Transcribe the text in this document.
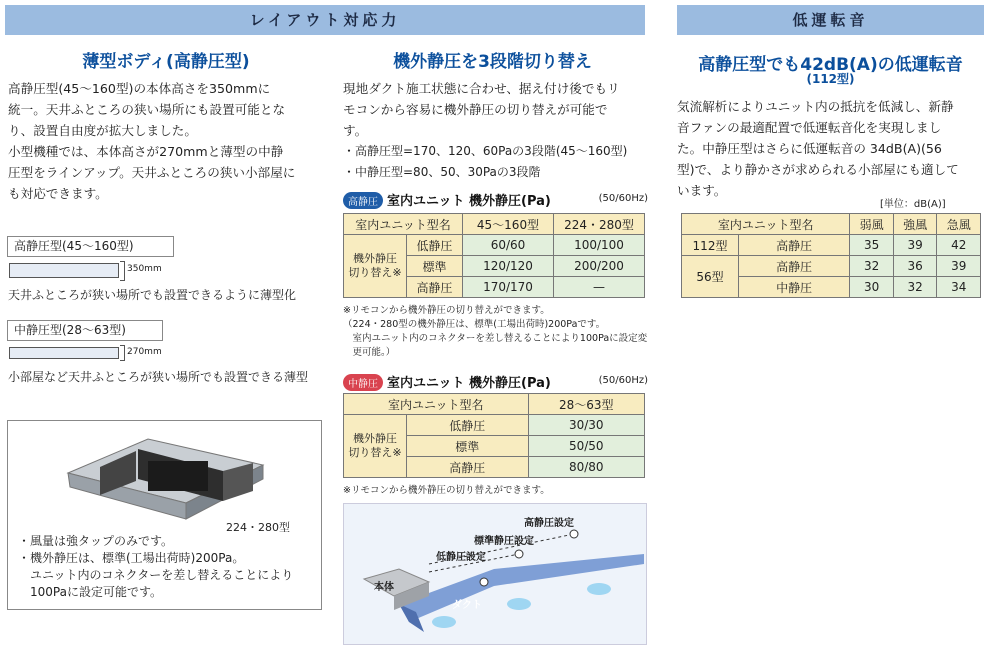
レイアウト対応力	低運転音
薄型ボディ(高静圧型)
高静圧型(45〜160型)の本体高さを350mmに
統一。天井ふところの狭い場所にも設置可能とな
り、設置自由度が拡大しました。
小型機種では、本体高さが270mmと薄型の中静
圧型をラインアップ。天井ふところの狭い小部屋に
も対応できます。
高静圧型(45〜160型)
350mm
天井ふところが狭い場所でも設置できるように薄型化
中静圧型(28〜63型)
270mm
小部屋など天井ふところが狭い場所でも設置できる薄型
224・280型
・風量は強タップのみです。
・機外静圧は、標準(工場出荷時)200Pa。
　ユニット内のコネクターを差し替えることにより
　100Paに設定可能です。
機外静圧を3段階切り替え
現地ダクト施工状態に合わせ、据え付け後でもリ
モコンから容易に機外静圧の切り替えが可能で
す。
・高静圧型=170、120、60Paの3段階(45〜160型)
・中静圧型=80、50、30Paの3段階
高静圧 室内ユニット 機外静圧(Pa)	(50/60Hz)
室内ユニット型名		45〜160型	224・280型

機外静圧
切り替え※	低静圧	60/60	100/100
	標準	120/120	200/200
	高静圧	170/170	—
※リモコンから機外静圧の切り替えができます。
（224・280型の機外静圧は、標準(工場出荷時)200Paです。
　室内ユニット内のコネクターを差し替えることにより100Paに設定変
　更可能。）
中静圧 室内ユニット 機外静圧(Pa)	(50/60Hz)
室内ユニット型名		28〜63型

機外静圧
切り替え※	低静圧	30/30
	標準	50/50
	高静圧	80/80
※リモコンから機外静圧の切り替えができます。
高静圧設定
標準静圧設定
低静圧設定
本体
ダクト
高静圧型でも42dB(A)の低運転音
(112型)
気流解析によりユニット内の抵抗を低減し、新静
音ファンの最適配置で低運転音化を実現しまし
た。中静圧型はさらに低運転音の 34dB(A)(56
型)で、より静かさが求められる小部屋にも適して
います。
[単位：dB(A)]
室内ユニット型名		弱風	強風	急風
112型	高静圧	35	39	42
56型	高静圧	32	36	39
	中静圧	30	32	34
